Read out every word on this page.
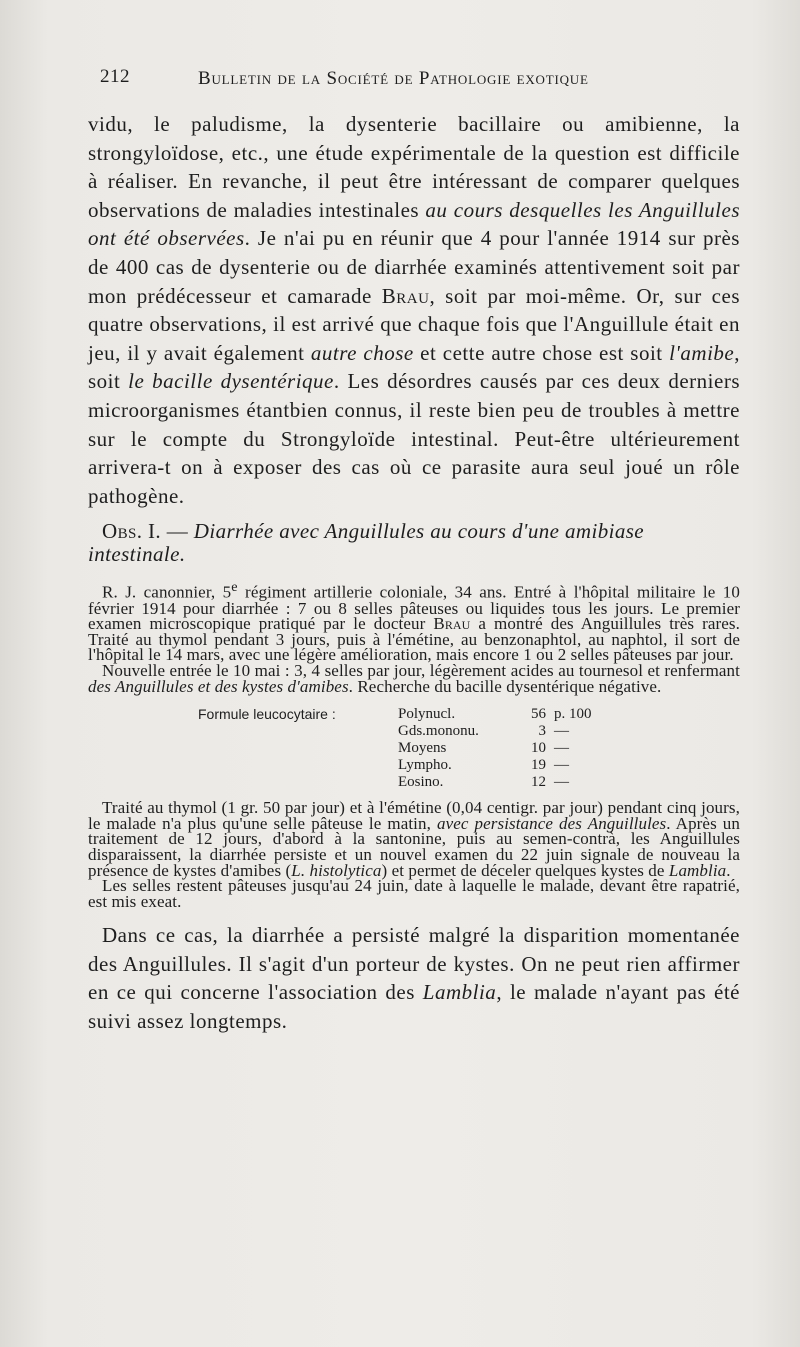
212	Bulletin de la Société de Pathologie exotique

vidu, le paludisme, la dysenterie bacillaire ou amibienne, la strongyloïdose, etc., une étude expérimentale de la question est difficile à réaliser. En revanche, il peut être intéressant de comparer quelques observations de maladies intestinales au cours desquelles les Anguillules ont été observées. Je n'ai pu en réunir que 4 pour l'année 1914 sur près de 400 cas de dysenterie ou de diarrhée examinés attentivement soit par mon prédécesseur et camarade Brau, soit par moi-même. Or, sur ces quatre observations, il est arrivé que chaque fois que l'Anguillule était en jeu, il y avait également autre chose et cette autre chose est soit l'amibe, soit le bacille dysentérique. Les désordres causés par ces deux derniers microorganismes étantbien connus, il reste bien peu de troubles à mettre sur le compte du Strongyloïde intestinal. Peut-être ultérieurement arrivera-t on à exposer des cas où ce parasite aura seul joué un rôle pathogène.

Obs. I. — Diarrhée avec Anguillules au cours d'une amibiase intestinale.

R. J. canonnier, 5e régiment artillerie coloniale, 34 ans. Entré à l'hôpital militaire le 10 février 1914 pour diarrhée : 7 ou 8 selles pâteuses ou liquides tous les jours. Le premier examen microscopique pratiqué par le docteur Brau a montré des Anguillules très rares. Traité au thymol pendant 3 jours, puis à l'émétine, au benzonaphtol, au naphtol, il sort de l'hôpital le 14 mars, avec une légère amélioration, mais encore 1 ou 2 selles pâteuses par jour.

Nouvelle entrée le 10 mai : 3, 4 selles par jour, légèrement acides au tournesol et renfermant des Anguillules et des kystes d'amibes. Recherche du bacille dysentérique négative.

Formule leucocytaire :	Polynucl.	56 p. 100
Gds.mononu.	3 —
Moyens	10 —
Lympho.	19 —
Eosino.	12 —

Traité au thymol (1 gr. 50 par jour) et à l'émétine (0,04 centigr. par jour) pendant cinq jours, le malade n'a plus qu'une selle pâteuse le matin, avec persistance des Anguillules. Après un traitement de 12 jours, d'abord à la santonine, puis au semen-contrà, les Anguillules disparaissent, la diarrhée persiste et un nouvel examen du 22 juin signale de nouveau la présence de kystes d'amibes (L. histolytica) et permet de déceler quelques kystes de Lamblia.

Les selles restent pâteuses jusqu'au 24 juin, date à laquelle le malade, devant être rapatrié, est mis exeat.

Dans ce cas, la diarrhée a persisté malgré la disparition momentanée des Anguillules. Il s'agit d'un porteur de kystes. On ne peut rien affirmer en ce qui concerne l'association des Lamblia, le malade n'ayant pas été suivi assez longtemps.
